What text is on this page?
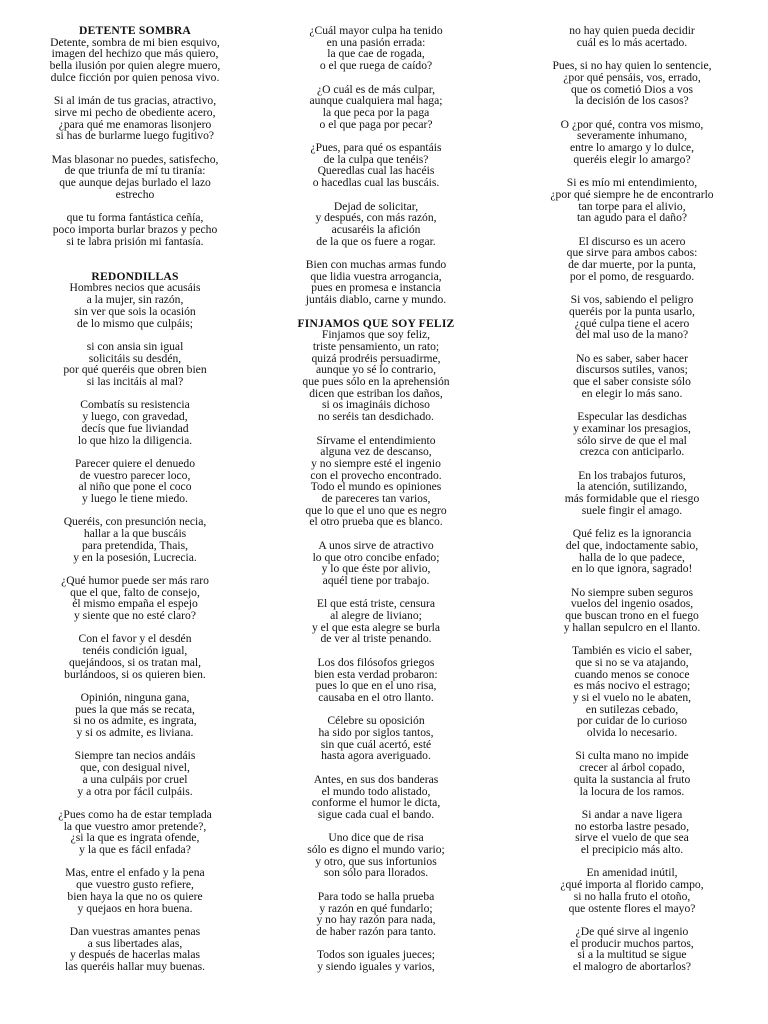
DETENTE SOMBRA
Detente, sombra de mi bien esquivo,
imagen del hechizo que más quiero,
bella ilusión por quien alegre muero,
dulce ficción por quien penosa vivo.
Si al imán de tus gracias, atractivo,
sirve mi pecho de obediente acero,
¿para qué me enamoras lisonjero
si has de burlarme luego fugitivo?
Mas blasonar no puedes, satisfecho,
de que triunfa de mí tu tiranía:
que aunque dejas burlado el lazo
estrecho
que tu forma fantástica ceñía,
poco importa burlar brazos y pecho
si te labra prisión mi fantasía.
REDONDILLAS
Hombres necios que acusáis
a la mujer, sin razón,
sin ver que sois la ocasión
de lo mismo que culpáis;
si con ansia sin igual
solicitáis su desdén,
por qué queréis que obren bien
si las incitáis al mal?
Combatís su resistencia
y luego, con gravedad,
decís que fue liviandad
lo que hizo la diligencia.
Parecer quiere el denuedo
de vuestro parecer loco,
al niño que pone el coco
y luego le tiene miedo.
Queréis, con presunción necia,
hallar a la que buscáis
para pretendida, Thais,
y en la posesión, Lucrecia.
¿Qué humor puede ser más raro
que el que, falto de consejo,
él mismo empaña el espejo
y siente que no esté claro?
Con el favor y el desdén
tenéis condición igual,
quejándoos, si os tratan mal,
burlándoos, si os quieren bien.
Opinión, ninguna gana,
pues la que más se recata,
si no os admite, es ingrata,
y si os admite, es liviana.
Siempre tan necios andáis
que, con desigual nivel,
a una culpáis por cruel
y a otra por fácil culpáis.
¿Pues como ha de estar templada
la que vuestro amor pretende?,
¿si la que es ingrata ofende,
y la que es fácil enfada?
Mas, entre el enfado y la pena
que vuestro gusto refiere,
bien haya la que no os quiere
y quejaos en hora buena.
Dan vuestras amantes penas
a sus libertades alas,
y después de hacerlas malas
las queréis hallar muy buenas.
¿Cuál mayor culpa ha tenido
en una pasión errada:
la que cae de rogada,
o el que ruega de caído?
¿O cuál es de más culpar,
aunque cualquiera mal haga;
la que peca por la paga
o el que paga por pecar?
¿Pues, para qué os espantáis
de la culpa que tenéis?
Queredlas cual las hacéis
o hacedlas cual las buscáis.
Dejad de solicitar,
y después, con más razón,
acusaréis la afición
de la que os fuere a rogar.
Bien con muchas armas fundo
que lidia vuestra arrogancia,
pues en promesa e instancia
juntáis diablo, carne y mundo.
FINJAMOS QUE SOY FELIZ
Finjamos que soy feliz,
triste pensamiento, un rato;
quizá prodréis persuadirme,
aunque yo sé lo contrario,
que pues sólo en la aprehensión
dicen que estriban los daños,
si os imagináis dichoso
no seréis tan desdichado.
Sírvame el entendimiento
alguna vez de descanso,
y no siempre esté el ingenio
con el provecho encontrado.
Todo el mundo es opiniones
de pareceres tan varios,
que lo que el uno que es negro
el otro prueba que es blanco.
A unos sirve de atractivo
lo que otro concibe enfado;
y lo que éste por alivio,
aquél tiene por trabajo.
El que está triste, censura
al alegre de liviano;
y el que esta alegre se burla
de ver al triste penando.
Los dos filósofos griegos
bien esta verdad probaron:
pues lo que en el uno risa,
causaba en el otro llanto.
Célebre su oposición
ha sido por siglos tantos,
sin que cuál acertó, esté
hasta agora averiguado.
Antes, en sus dos banderas
el mundo todo alistado,
conforme el humor le dicta,
sigue cada cual el bando.
Uno dice que de risa
sólo es digno el mundo vario;
y otro, que sus infortunios
son sólo para llorados.
Para todo se halla prueba
y razón en qué fundarlo;
y no hay razón para nada,
de haber razón para tanto.
Todos son iguales jueces;
y siendo iguales y varios,
no hay quien pueda decidir
cuál es lo más acertado.
Pues, si no hay quien lo sentencie,
¿por qué pensáis, vos, errado,
que os cometió Dios a vos
la decisión de los casos?
O ¿por qué, contra vos mismo,
severamente inhumano,
entre lo amargo y lo dulce,
queréis elegir lo amargo?
Si es mío mi entendimiento,
¿por qué siempre he de encontrarlo
tan torpe para el alivio,
tan agudo para el daño?
El discurso es un acero
que sirve para ambos cabos:
de dar muerte, por la punta,
por el pomo, de resguardo.
Si vos, sabiendo el peligro
queréis por la punta usarlo,
¿qué culpa tiene el acero
del mal uso de la mano?
No es saber, saber hacer
discursos sutiles, vanos;
que el saber consiste sólo
en elegir lo más sano.
Especular las desdichas
y examinar los presagios,
sólo sirve de que el mal
crezca con anticiparlo.
En los trabajos futuros,
la atención, sutilizando,
más formidable que el riesgo
suele fingir el amago.
Qué feliz es la ignorancia
del que, indoctamente sabio,
halla de lo que padece,
en lo que ignora, sagrado!
No siempre suben seguros
vuelos del ingenio osados,
que buscan trono en el fuego
y hallan sepulcro en el llanto.
También es vicio el saber,
que si no se va atajando,
cuando menos se conoce
es más nocivo el estrago;
y si el vuelo no le abaten,
en sutilezas cebado,
por cuidar de lo curioso
olvida lo necesario.
Si culta mano no impide
crecer al árbol copado,
quita la sustancia al fruto
la locura de los ramos.
Si andar a nave ligera
no estorba lastre pesado,
sirve el vuelo de que sea
el precipicio más alto.
En amenidad inútil,
¿qué importa al florido campo,
si no halla fruto el otoño,
que ostente flores el mayo?
¿De qué sirve al ingenio
el producir muchos partos,
si a la multitud se sigue
el malogro de abortarlos?
